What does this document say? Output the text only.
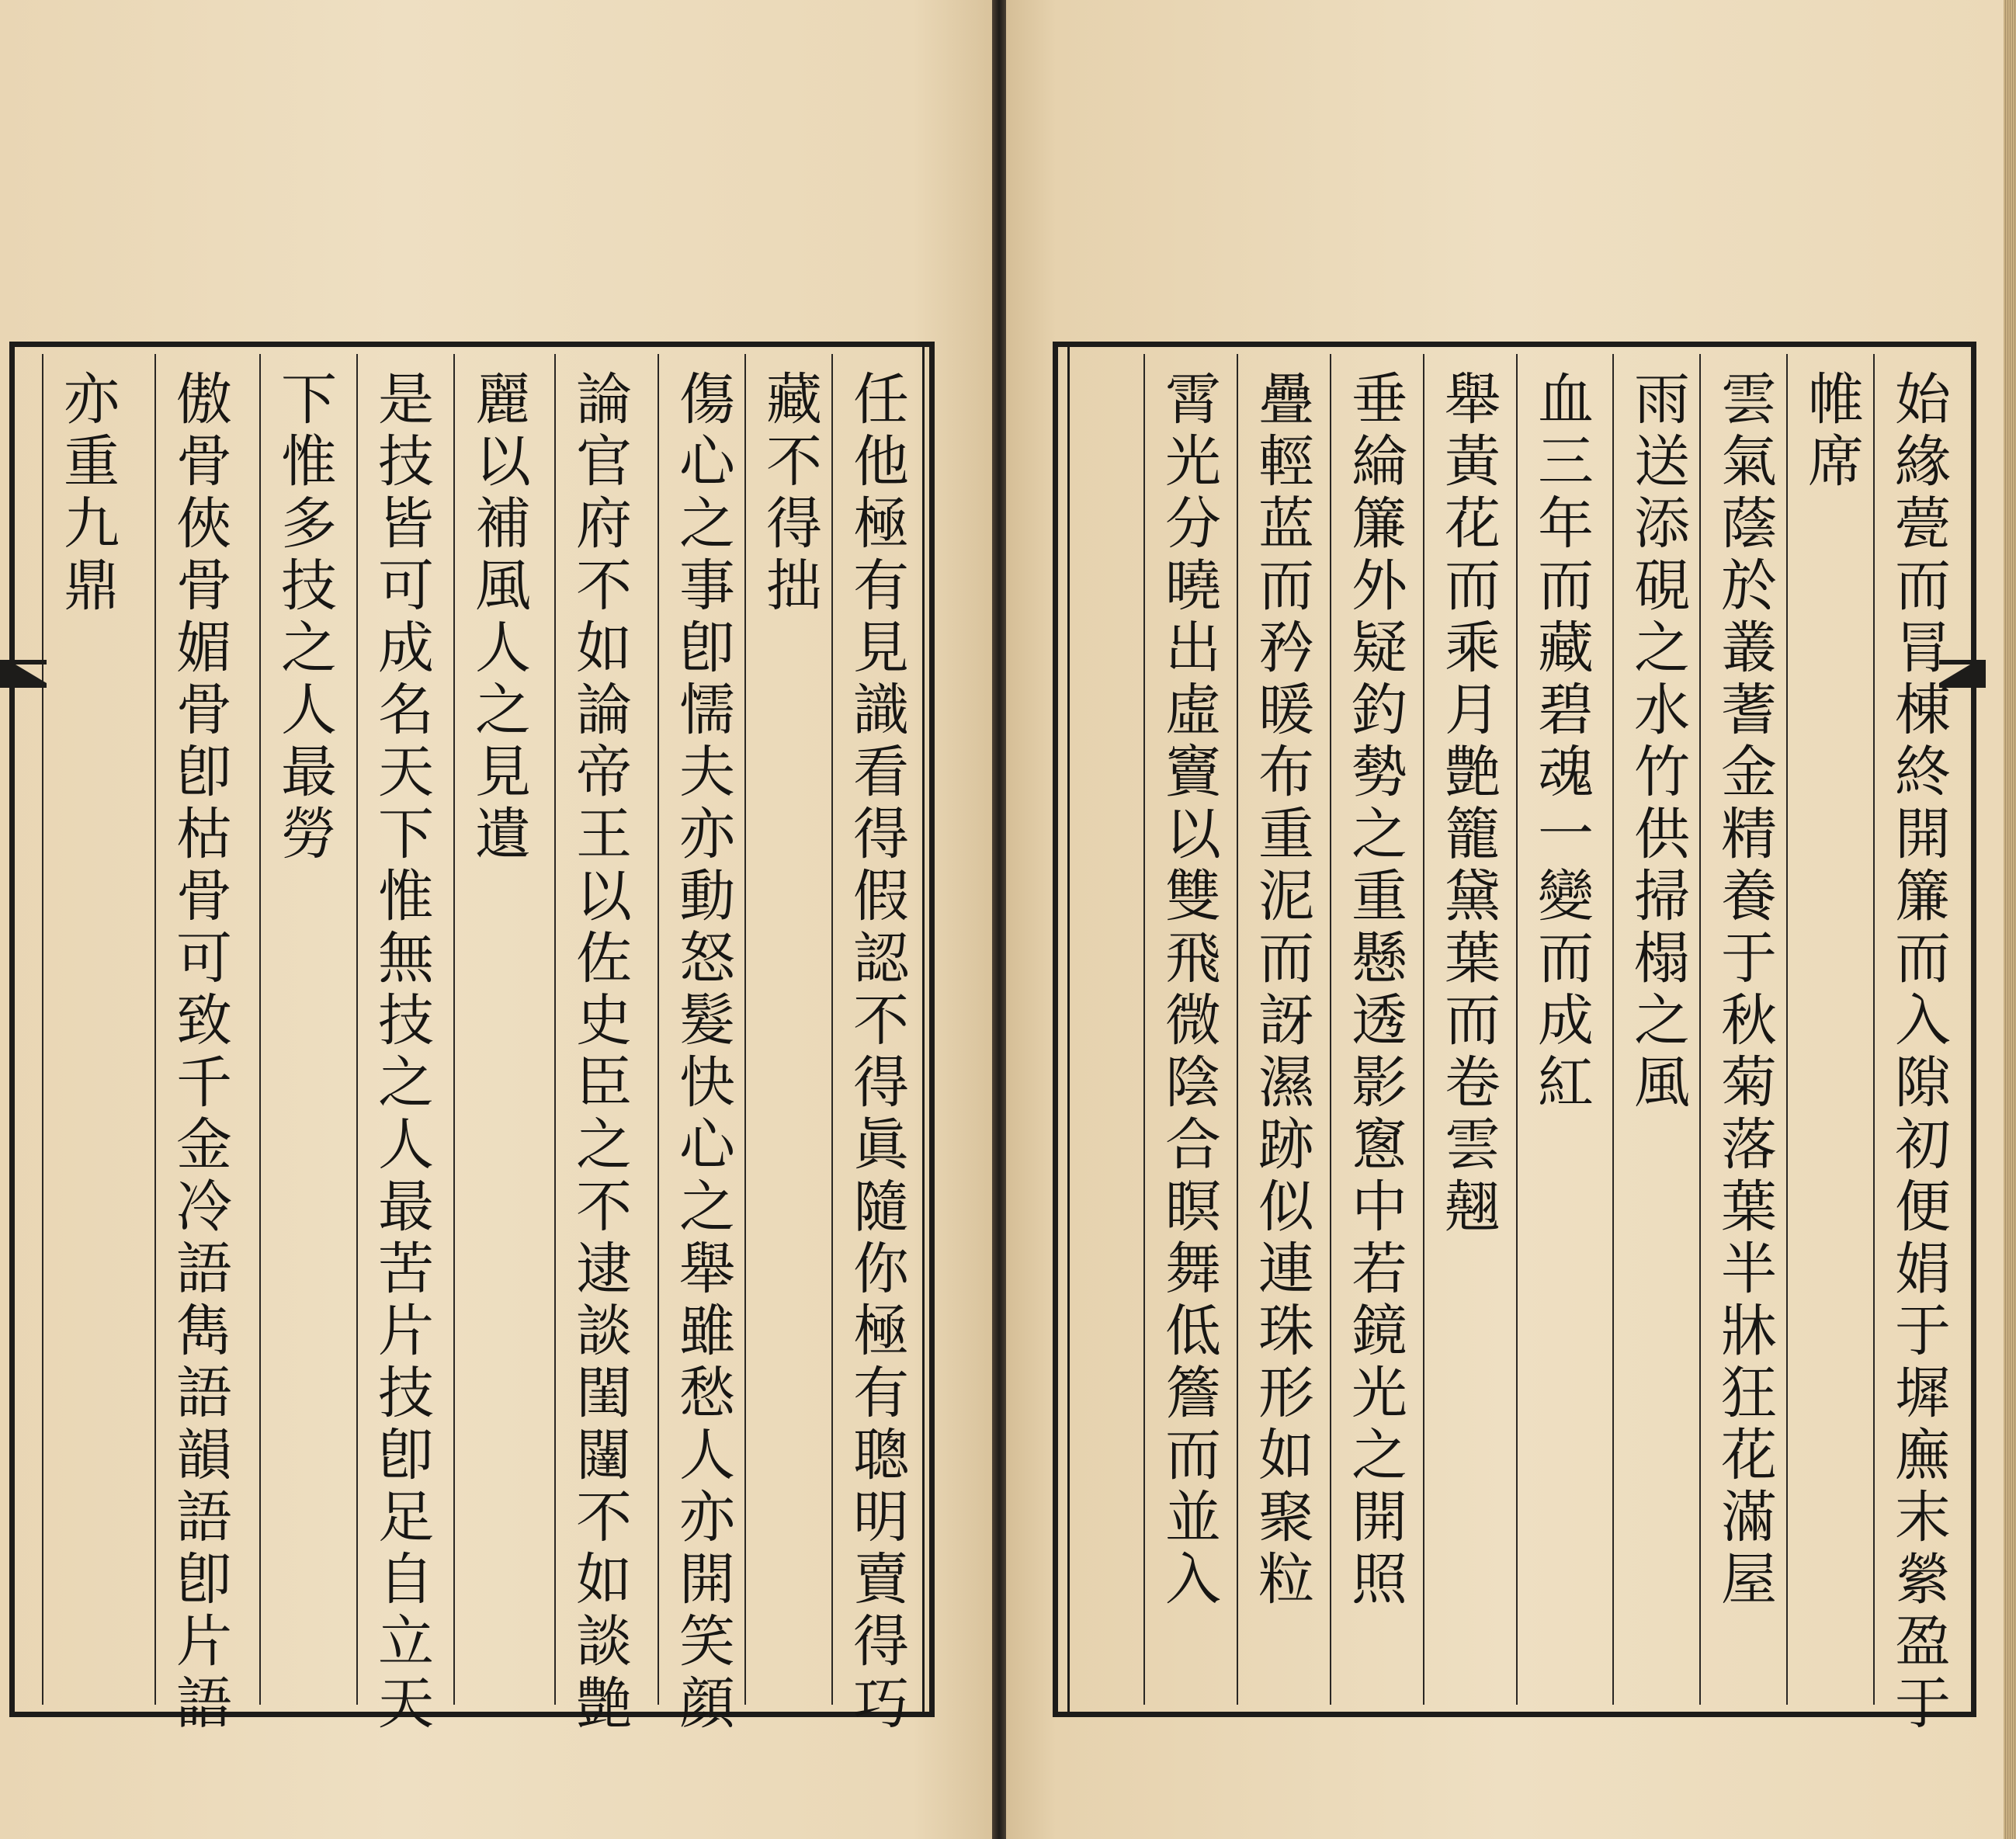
任他極有見識看得假認不得眞隨你極有聰明賣得巧
藏不得拙
傷心之事卽懦夫亦動怒髮快心之舉雖愁人亦開笑顔
論官府不如論帝王以佐史臣之不逮談閨闥不如談艶
麗以補風人之見遺
是技皆可成名天下惟無技之人最苦片技卽足自立天
下惟多技之人最勞
傲骨俠骨媚骨卽枯骨可致千金冷語雋語韻語卽片語
亦重九鼎	始緣甍而冐棟終開簾而入隙初便娟于墀廡末縈盈于
帷席
雲氣蔭於叢蓍金精養于秋菊落葉半牀狂花滿屋
雨送添硯之水竹供掃榻之風
血三年而藏碧魂一變而成紅
舉黃花而乘月艶籠黛葉而卷雲翹
垂綸簾外疑釣勢之重懸透影窻中若鏡光之開照
疊輕蓝而矜暖布重泥而訝濕跡似連珠形如聚粒
霄光分曉出虛竇以雙飛微陰合瞑舞低簷而並入
